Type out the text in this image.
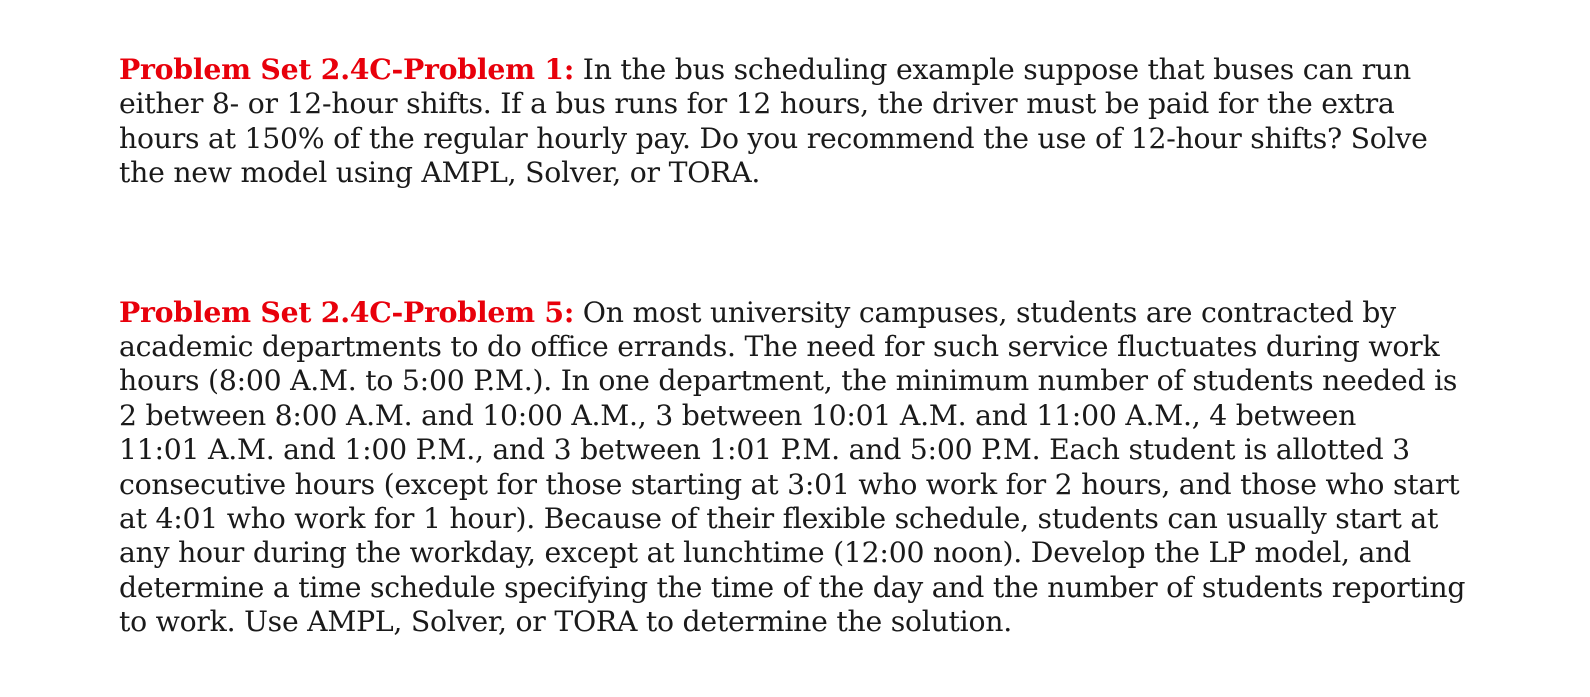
Problem Set 2.4C-Problem 1: In the bus scheduling example suppose that buses can run
either 8- or 12-hour shifts. If a bus runs for 12 hours, the driver must be paid for the extra
hours at 150% of the regular hourly pay. Do you recommend the use of 12-hour shifts? Solve
the new model using AMPL, Solver, or TORA.

Problem Set 2.4C-Problem 5: On most university campuses, students are contracted by
academic departments to do office errands. The need for such service fluctuates during work
hours (8:00 A.M. to 5:00 P.M.). In one department, the minimum number of students needed is
2 between 8:00 A.M. and 10:00 A.M., 3 between 10:01 A.M. and 11:00 A.M., 4 between
11:01 A.M. and 1:00 P.M., and 3 between 1:01 P.M. and 5:00 P.M. Each student is allotted 3
consecutive hours (except for those starting at 3:01 who work for 2 hours, and those who start
at 4:01 who work for 1 hour). Because of their flexible schedule, students can usually start at
any hour during the workday, except at lunchtime (12:00 noon). Develop the LP model, and
determine a time schedule specifying the time of the day and the number of students reporting
to work. Use AMPL, Solver, or TORA to determine the solution.
